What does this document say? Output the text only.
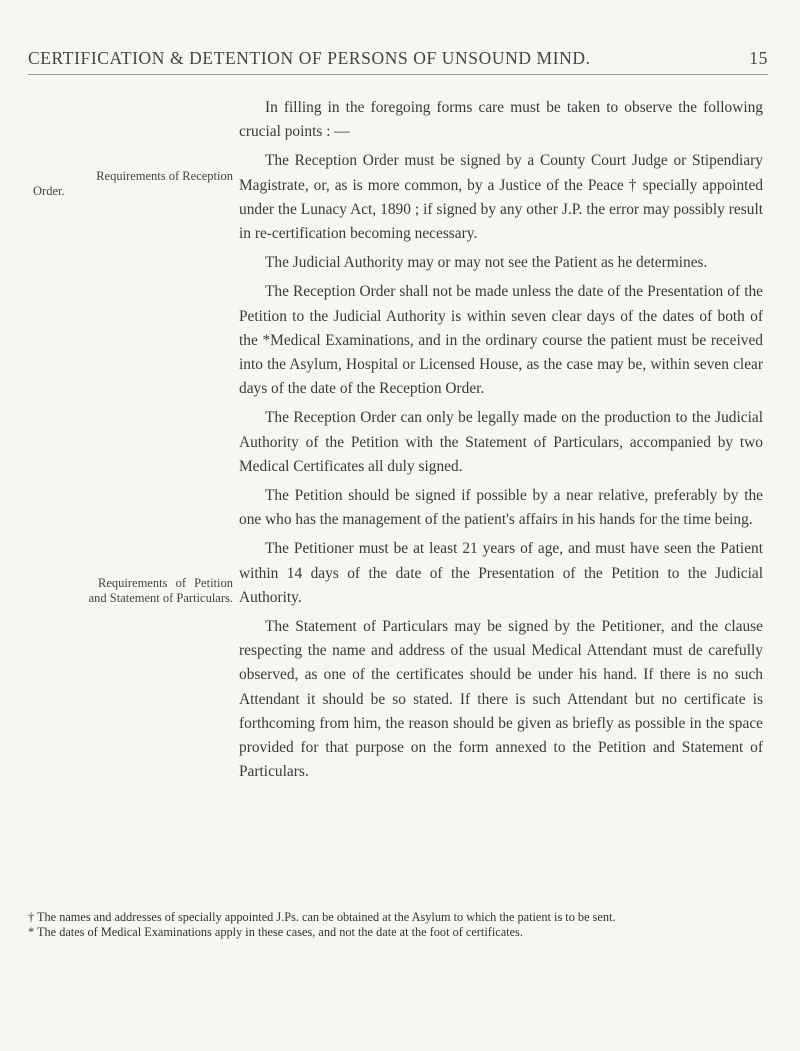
CERTIFICATION & DETENTION OF PERSONS OF UNSOUND MIND.	15
Requirements of Reception
Order.
Requirements of Petition
and Statement of Particulars.

In filling in the foregoing forms care must be taken to observe the following crucial points : —

The Reception Order must be signed by a County Court Judge or Stipendiary Magistrate, or, as is more common, by a Justice of the Peace † specially appointed under the Lunacy Act, 1890 ; if signed by any other J.P. the error may possibly result in re-certification becoming necessary.

The Judicial Authority may or may not see the Patient as he determines.

The Reception Order shall not be made unless the date of the Presentation of the Petition to the Judicial Authority is within seven clear days of the dates of both of the *Medical Examinations, and in the ordinary course the patient must be received into the Asylum, Hospital or Licensed House, as the case may be, within seven clear days of the date of the Reception Order.

The Reception Order can only be legally made on the production to the Judicial Authority of the Petition with the Statement of Particulars, accompanied by two Medical Certificates all duly signed.

The Petition should be signed if possible by a near relative, preferably by the one who has the management of the patient's affairs in his hands for the time being.

The Petitioner must be at least 21 years of age, and must have seen the Patient within 14 days of the date of the Presentation of the Petition to the Judicial Authority.

The Statement of Particulars may be signed by the Petitioner, and the clause respecting the name and address of the usual Medical Attendant must de carefully observed, as one of the certificates should be under his hand. If there is no such Attendant it should be so stated. If there is such Attendant but no certificate is forthcoming from him, the reason should be given as briefly as possible in the space provided for that purpose on the form annexed to the Petition and Statement of Particulars.

† The names and addresses of specially appointed J.Ps. can be obtained at the Asylum to which the patient is to be sent.

* The dates of Medical Examinations apply in these cases, and not the date at the foot of certificates.
